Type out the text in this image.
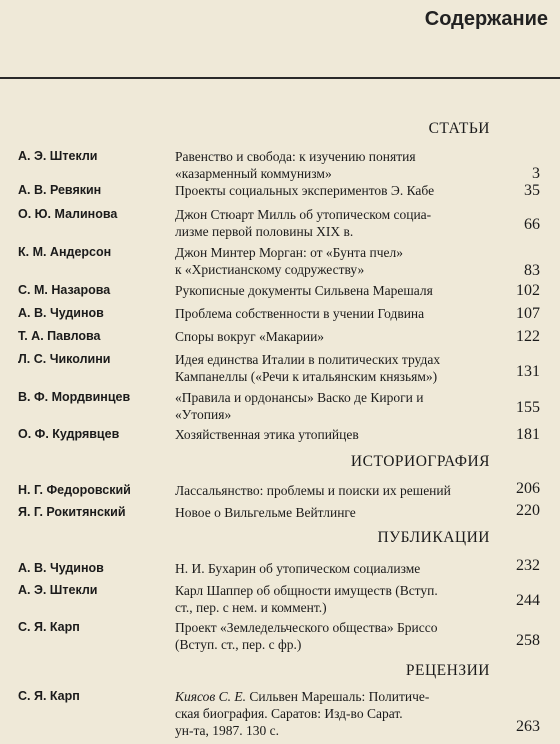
Содержание
СТАТЬИ
А. Э. Штекли	Равенство и свобода: к изучению понятия
«казарменный коммунизм»	3
А. В. Ревякин	Проекты социальных экспериментов Э. Кабе	35
О. Ю. Малинова	Джон Стюарт Милль об утопическом социа-
лизме первой половины XIX в.	66
К. М. Андерсон	Джон Минтер Морган: от «Бунта пчел»
к «Христианскому содружеству»	83
С. М. Назарова	Рукописные документы Сильвена Марешаля	102
А. В. Чудинов	Проблема собственности в учении Годвина	107
Т. А. Павлова	Споры вокруг «Макарии»	122
Л. С. Чиколини	Идея единства Италии в политических трудах
Кампанеллы («Речи к итальянским князьям»)	131
В. Ф. Мордвинцев	«Правила и ордонансы» Васко де Кироги и
«Утопия»	155
О. Ф. Кудрявцев	Хозяйственная этика утопийцев	181
ИСТОРИОГРАФИЯ
Н. Г. Федоровский	Лассальянство: проблемы и поиски их решений	206
Я. Г. Рокитянский	Новое о Вильгельме Вейтлинге	220
ПУБЛИКАЦИИ
А. В. Чудинов	Н. И. Бухарин об утопическом социализме	232
А. Э. Штекли	Карл Шаппер об общности имуществ (Вступ.
ст., пер. с нем. и коммент.)	244
С. Я. Карп	Проект «Земледельческого общества» Бриссо
(Вступ. ст., пер. с фр.)	258
РЕЦЕНЗИИ
С. Я. Карп	Киясов С. Е. Сильвен Марешаль: Политиче-
ская биография. Саратов: Изд-во Сарат.
ун-та, 1987. 130 с.	263
